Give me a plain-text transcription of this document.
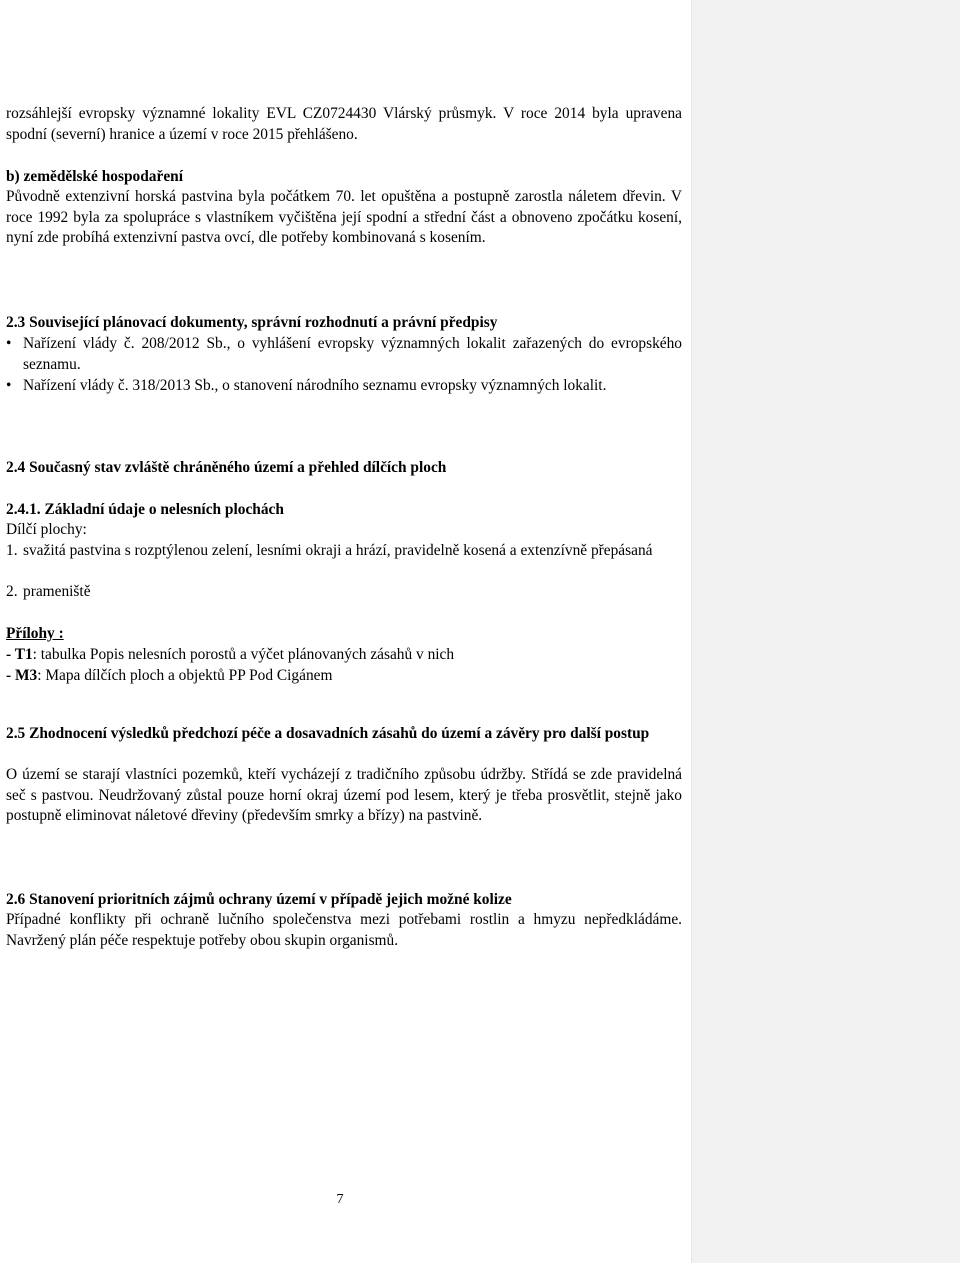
rozsáhlejší evropsky významné lokality EVL CZ0724430 Vlárský průsmyk. V roce 2014 byla upravena spodní (severní) hranice a území v roce 2015 přehlášeno.

b) zemědělské hospodaření

Původně extenzivní horská pastvina byla počátkem 70. let opuštěna a postupně zarostla náletem dřevin. V roce 1992 byla za spolupráce s vlastníkem vyčištěna její spodní a střední část a obnoveno zpočátku kosení, nyní zde probíhá extenzivní pastva ovcí, dle potřeby kombinovaná s kosením.

2.3 Související plánovací dokumenty, správní rozhodnutí a právní předpisy

• Nařízení vlády č. 208/2012 Sb., o vyhlášení evropsky významných lokalit zařazených do evropského seznamu.

• Nařízení vlády č. 318/2013 Sb., o stanovení národního seznamu evropsky významných lokalit.

2.4 Současný stav zvláště chráněného území a přehled dílčích ploch

2.4.1. Základní údaje o nelesních plochách

Dílčí plochy:

1. svažitá pastvina s rozptýlenou zelení, lesními okraji a hrází, pravidelně kosená a extenzívně přepásaná

2. prameniště

Přílohy :

- T1: tabulka Popis nelesních porostů a výčet plánovaných zásahů v nich

- M3: Mapa dílčích ploch a objektů PP Pod Cigánem

2.5 Zhodnocení výsledků předchozí péče a dosavadních zásahů do území a závěry pro další postup

O území se starají vlastníci pozemků, kteří vycházejí z tradičního způsobu údržby. Střídá se zde pravidelná seč s pastvou. Neudržovaný zůstal pouze horní okraj území pod lesem, který je třeba prosvětlit, stejně jako postupně eliminovat náletové dřeviny (především smrky a břízy) na pastvině.

2.6 Stanovení prioritních zájmů ochrany území v případě jejich možné kolize

Případné konflikty při ochraně lučního společenstva mezi potřebami rostlin a hmyzu nepředkládáme. Navržený plán péče respektuje potřeby obou skupin organismů.

7
